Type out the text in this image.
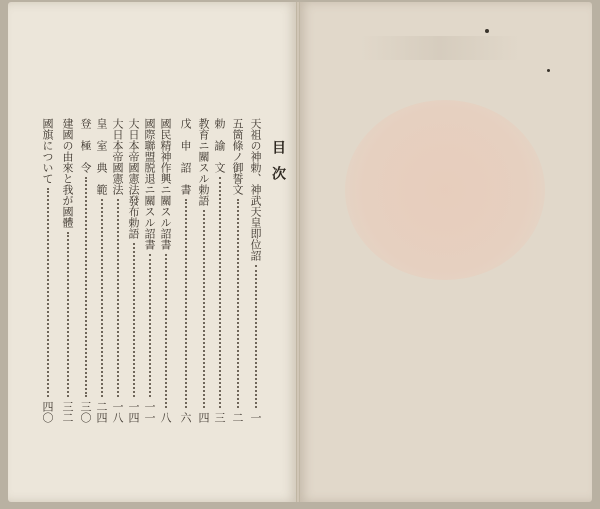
目次
天祖の神勅、神武天皇即位詔
一
五箇條ノ御誓文
二
勅　諭　文
三
教育ニ關スル勅語
四
戊　申　詔　書
六
國民精神作興ニ關スル詔書
八
國際聯盟脱退ニ關スル詔書
一一
大日本帝國憲法發布勅語
一四
大日本帝國憲法
一八
皇　室　典　範
二四
登　極　令
三〇
建國の由來と我が國體
三二
國旗について
四〇
